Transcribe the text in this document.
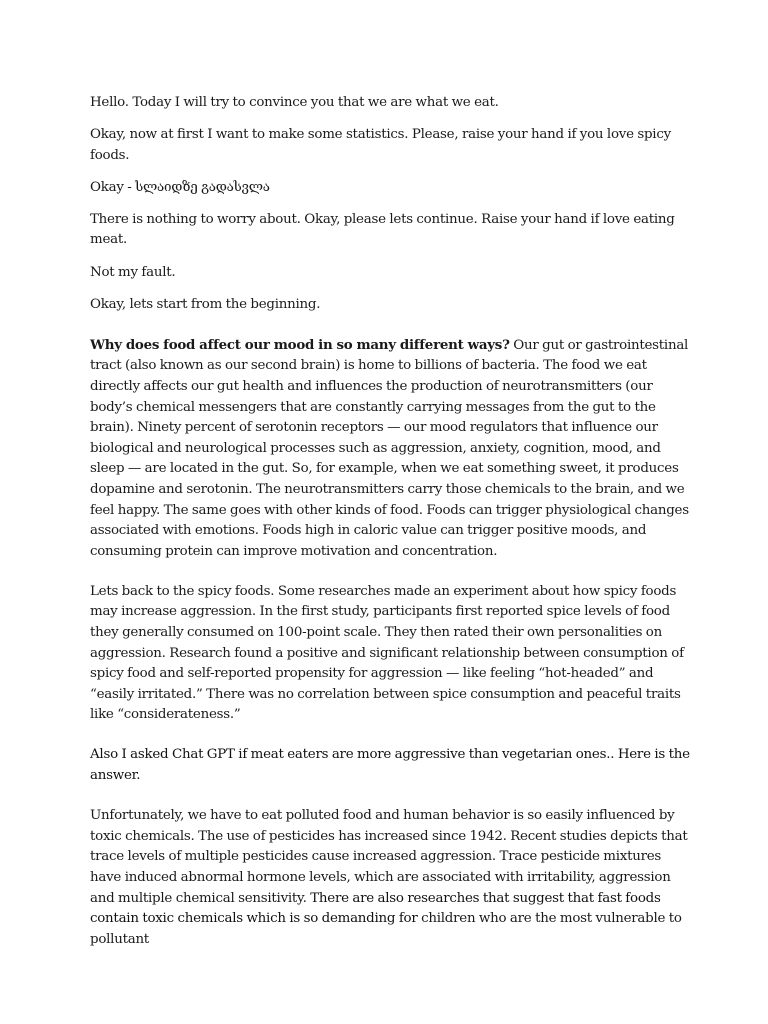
Hello. Today I will try to convince you that we are what we eat.

Okay, now at first I want to make some statistics. Please, raise your hand if you love spicy foods.

Okay - სლაიდზე გადასვლა

There is nothing to worry about. Okay, please lets continue. Raise your hand if love eating meat.

Not my fault.

Okay, lets start from the beginning.

Why does food affect our mood in so many different ways? Our gut or gastrointestinal tract (also known as our second brain) is home to billions of bacteria. The food we eat directly affects our gut health and influences the production of neurotransmitters (our body’s chemical messengers that are constantly carrying messages from the gut to the brain). Ninety percent of serotonin receptors — our mood regulators that influence our biological and neurological processes such as aggression, anxiety, cognition, mood, and sleep — are located in the gut. So, for example, when we eat something sweet, it produces dopamine and serotonin. The neurotransmitters carry those chemicals to the brain, and we feel happy. The same goes with other kinds of food. Foods can trigger physiological changes associated with emotions. Foods high in caloric value can trigger positive moods, and consuming protein can improve motivation and concentration.

Lets back to the spicy foods. Some researches made an experiment about how spicy foods may increase aggression. In the first study, participants first reported spice levels of food they generally consumed on 100-point scale. They then rated their own personalities on aggression. Research found a positive and significant relationship between consumption of spicy food and self-reported propensity for aggression — like feeling “hot-headed” and “easily irritated.” There was no correlation between spice consumption and peaceful traits like “considerateness.”

Also I asked Chat GPT if meat eaters are more aggressive than vegetarian ones.. Here is the answer.

Unfortunately, we have to eat polluted food and human behavior is so easily influenced by toxic chemicals. The use of pesticides has increased since 1942. Recent studies depicts that trace levels of multiple pesticides cause increased aggression. Trace pesticide mixtures have induced abnormal hormone levels, which are associated with irritability, aggression and multiple chemical sensitivity. There are also researches that suggest that fast foods contain toxic chemicals which is so demanding for children who are the most vulnerable to pollutant
